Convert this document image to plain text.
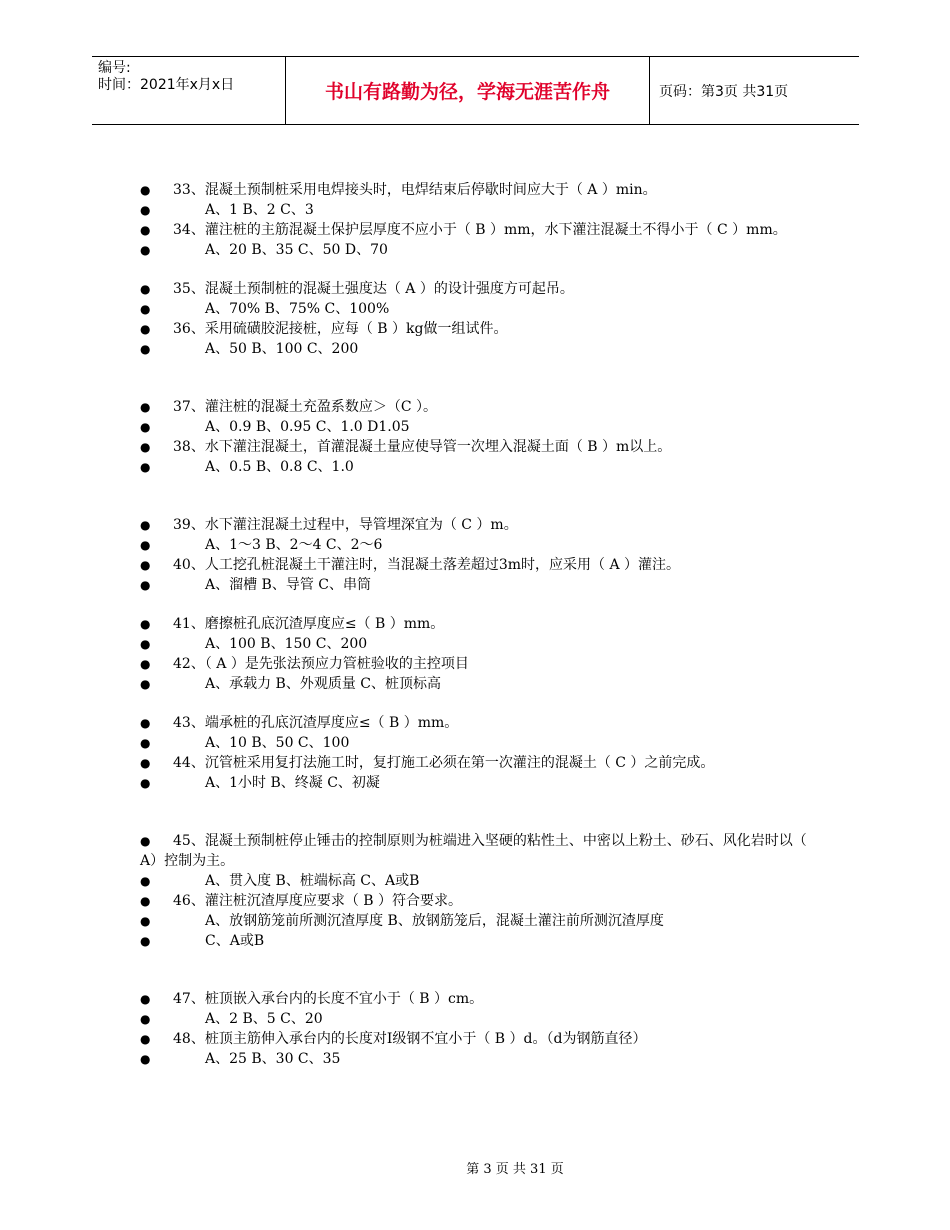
编号:
时间：2021年x月x日	书山有路勤为径，学海无涯苦作舟	页码：第3页 共31页
●	33、混凝土预制桩采用电焊接头时，电焊结束后停歇时间应大于（ A ）min。
●	A、1 B、2 C、3
●	34、灌注桩的主筋混凝土保护层厚度不应小于（ B ）mm，水下灌注混凝土不得小于（ C ）mm。
●	A、20 B、35 C、50 D、70
●	35、混凝土预制桩的混凝土强度达（ A ）的设计强度方可起吊。
●	A、70% B、75% C、100%
●	36、采用硫磺胶泥接桩，应每（ B ）kg做一组试件。
●	A、50 B、100 C、200
●	37、灌注桩的混凝土充盈系数应＞（C ）。
●	A、0.9 B、0.95 C、1.0 D1.05
●	38、水下灌注混凝土，首灌混凝土量应使导管一次埋入混凝土面（ B ）m以上。
●	A、0.5 B、0.8 C、1.0
●	39、水下灌注混凝土过程中，导管埋深宜为（ C ）m。
●	A、1～3 B、2～4 C、2～6
●	40、人工挖孔桩混凝土干灌注时，当混凝土落差超过3m时，应采用（ A ）灌注。
●	A、溜槽 B、导管 C、串筒
●	41、磨擦桩孔底沉渣厚度应≤（ B ）mm。
●	A、100 B、150 C、200
●	42、（ A ）是先张法预应力管桩验收的主控项目
●	A、承载力 B、外观质量 C、桩顶标高
●	43、端承桩的孔底沉渣厚度应≤（ B ）mm。
●	A、10 B、50 C、100
●	44、沉管桩采用复打法施工时，复打施工必须在第一次灌注的混凝土（ C ）之前完成。
●	A、1小时 B、终凝 C、初凝
●	45、混凝土预制桩停止锤击的控制原则为桩端进入坚硬的粘性土、中密以上粉土、砂石、风化岩时以（ A）控制为主。
●	A、贯入度 B、桩端标高 C、A或B
●	46、灌注桩沉渣厚度应要求（ B ）符合要求。
●	A、放钢筋笼前所测沉渣厚度 B、放钢筋笼后，混凝土灌注前所测沉渣厚度
●	C、A或B
●	47、桩顶嵌入承台内的长度不宜小于（ B ）cm。
●	A、2 B、5 C、20
●	48、桩顶主筋伸入承台内的长度对I级钢不宜小于（ B ）d。（d为钢筋直径）
●	A、25 B、30 C、35
第 3 页 共 31 页
